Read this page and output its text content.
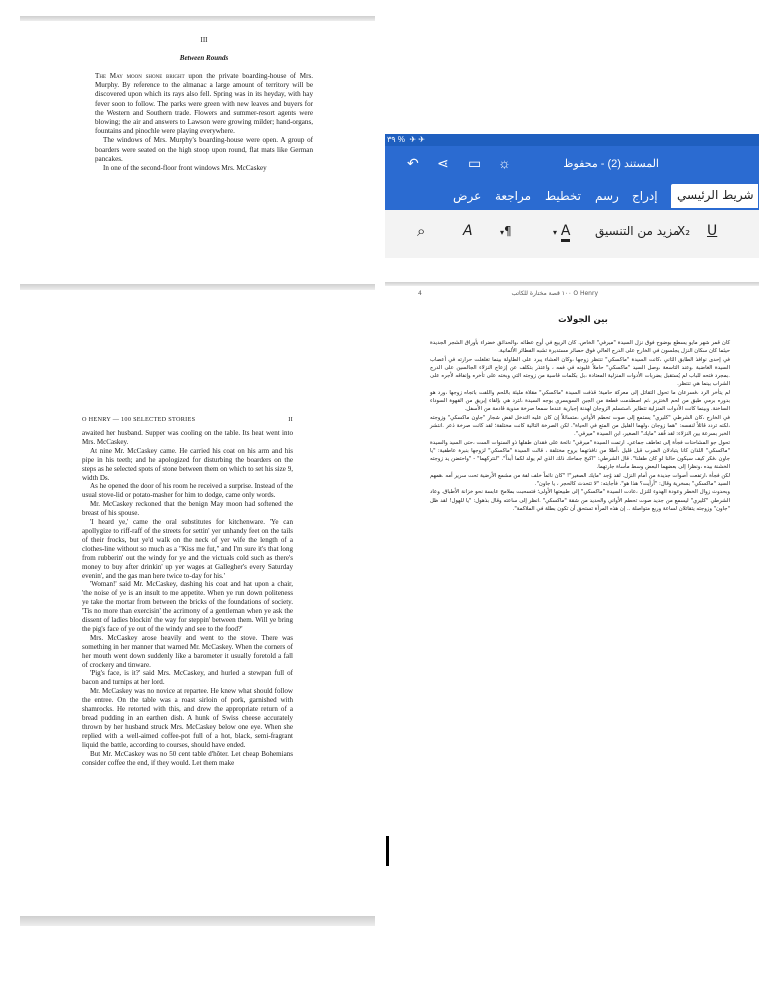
III

Between Rounds

The May moon shone bright upon the private boarding-house of Mrs. Murphy. By reference to the almanac a large amount of territory will be discovered upon which its rays also fell. Spring was in its heyday, with hay fever soon to follow. The parks were green with new leaves and buyers for the Western and Southern trade. Flowers and summer-resort agents were blowing; the air and answers to Lawson were growing milder; hand-organs, fountains and pinochle were playing everywhere.

The windows of Mrs. Murphy's boarding-house were open. A group of boarders were seated on the high stoop upon round, flat mats like German pancakes.

In one of the second-floor front windows Mrs. McCaskey

O HENRY — 100 SELECTED STORIES	II

awaited her husband. Supper was cooling on the table. Its heat went into Mrs. McCaskey.

At nine Mr. McCaskey came. He carried his coat on his arm and his pipe in his teeth; and he apologized for disturbing the boarders on the steps as he selected spots of stone between them on which to set his size 9, width Ds.

As he opened the door of his room he received a surprise. Instead of the usual stove-lid or potato-masher for him to dodge, came only words.

Mr. McCaskey reckoned that the benign May moon had softened the breast of his spouse.

'I heard ye,' came the oral substitutes for kitchenware. 'Ye can apollygize to riff-raff of the streets for settin' yer unhandy feet on the tails of their frocks, but ye'd walk on the neck of yer wife the length of a clothes-line without so much as a "Kiss me fut," and I'm sure it's that long from rubberin' out the windy for ye and the victuals cold such as there's money to buy after drinkin' up yer wages at Gallegher's every Saturday evenin', and the gas man here twice to-day for his.'

'Woman!' said Mr. McCaskey, dashing his coat and hat upon a chair, 'the noise of ye is an insult to me appetite. When ye run down politeness ye take the mortar from between the bricks of the foundations of society. 'Tis no more than exercisin' the acrimony of a gentleman when ye ask the dissent of ladies blockin' the way for steppin' between them. Will ye bring the pig's face of ye out of the windy and see to the food?'

Mrs. McCaskey arose heavily and went to the stove. There was something in her manner that warned Mr. McCaskey. When the corners of her mouth went down suddenly like a barometer it usually foretold a fall of crockery and tinware.

'Pig's face, is it?' said Mrs. McCaskey, and hurled a stewpan full of bacon and turnips at her lord.

Mr. McCaskey was no novice at repartee. He knew what should follow the entree. On the table was a roast sirloin of pork, garnished with shamrocks. He retorted with this, and drew the appropriate return of a bread pudding in an earthen dish. A hunk of Swiss cheese accurately thrown by her husband struck Mrs. McCaskey below one eye. When she replied with a well-aimed coffee-pot full of a hot, black, semi-fragrant liquid the battle, according to courses, should have ended.

But Mr. McCaskey was no 50 cent table d'hôter. Let cheap Bohemians consider coffee the end, if they would. Let them make

٣٩ % ‍ ✈ ✈
↶ ⋖ ▭ ☼	المستند (2) - محفوظ
عرض مراجعة تخطيط رسم إدراج	شريط الرئيسي
⌕	A	▾¶	▾ A مزيد من التنسيق
X₂ U
4	١٠٠ قصة مختارة للكاتب O Henry

بين الجولات

كان قمر شهر مايو يسطع بوضوح فوق نزل السيدة "ميرفي" الخاص. كان الربيع في أوج عطائه ،والحدائق خضراء بأوراق الشجر الجديدة حيثما كان سكان النزل يجلسون في الخارج على الدرج العالي فوق حصائر مستديرة تشبه الفطائر الألمانية.

في إحدى نوافذ الطابق الثاني ،كانت السيدة "ماكسكي" تنتظر زوجها ،وكان العشاء يبرد على الطاولة بينما تغلغلت حرارته في أعصاب السيدة الغاضبة .وعند التاسعة ،وصل السيد "ماكسكي" حاملاً غليونه في فمه ، واعتذر بتكلف عن إزعاج النزلاء الجالسين على الدرج .بمجرد فتحه للباب لم يُستقبل بضربات الأدوات المنزلية المعتادة ،بل بكلمات قاسية من زوجته التي وبخته على تأخره وإنفاقه لأجره على الشراب بينما هي تنتظر.

لم يتأخر الرد ،فسرعان ما تحول التقاتل إلى معركة حامية؛ قذفت السيدة "ماكسكي" مقلاة مليئة باللحم واللفت باتجاه زوجها ،ورد هو بدوره برمي طبق من لحم الخنزير ،ثم اصطدمت قطعة من الجبن السويسري بوجه السيدة ،لترد هي بإلقاء إبريق من القهوة السوداء الساخنة. وبينما كانت الأدوات المنزلية تتطاير ،استسلم الزوجان لهدنة إجبارية عندما سمعا صرخة مدوية قادمة من الأسفل.

في الخارج ،كان الشرطي "كليري" يستمع إلى صوت تحطم الأواني ،متسائلاً إن كان عليه التدخل لفض شجار "جاون ماكسكي" وزوجته ،لكنه تردد قائلاً لنفسه: "هما زوجان ،ولهما القليل من المتع في الحياة". لكن الصرخة التالية كانت مختلفة؛ لقد كانت صرخة ذعر .انتشر الخبر بسرعة بين النزلاء: لقد فُقد "مايك" الصغير، ابن السيدة "ميرفي".

تحول جو المشاحنات فجأة إلى تعاطف جماعي. ارتمت السيدة "ميرفي" نائحة على فقدان طفلها ذو السنوات الست ،حتى السيد والسيدة "ماكسكي" اللذان كانا يتبادلان الضرب قبل قليل ،أطلا من نافذتهما بروح مختلفة ، قالت السيدة "ماكسكي" لزوجها بنبرة عاطفية: "يا جاون ،فكر كيف سيكون حالنا لو كان طفلنا". قال الشرطي: "اكبح جماحك ذلك الذي لم يولد لكما أبداً". "لنتركهما" - "واحتضن يد زوجته الخشنة بيده ،ونظرا إلى بعضهما البعض وسط مأساة جارتهما.

لكن فجأة ،ارتفعت أصوات جديدة من أمام النزل. لقد وُجد "مايك الصغير"! "كان نائماً خلف لفة من مشمع الأرضية تحت سرير أمه .همهم السيد "ماكسكي" بسخرية وقال: "أرأيت؟ هذا هو". فأجابته: "لا تتحدث كالحجر ، يا جاون".

وبحدوث زوال الخطر وعودة الهدوء للنزل ،عادت السيدة "ماكسكي" إلى طبيعتها الأولى؛ فتسحبت بملامح عابسة نحو خزانة الأطباق. وعاد الشرطي "كليري" ليسمع من جديد صوت تحطم الأواني والحديد من شقة "ماكسكي" .انظر إلى ساعته وقال بذهول: "يا للهول! لقد ظل "جاون" وزوجته يتقاتلان لساعة وربع متواصلة .. إن هذه المرأة تستحق أن تكون بطلة في الملاكمة".
